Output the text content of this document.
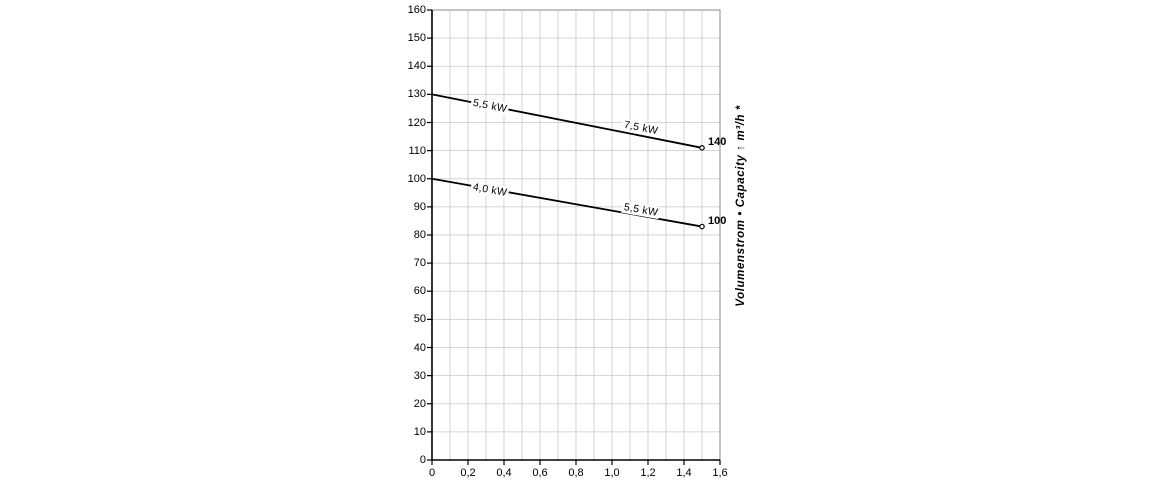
0
10
20
30
40
50
60
70
80
90
100
110
120
130
140
150
160
0 0,2 0,4 0,6 0,8 1,0 1,2 1,4 1,6
5,5 kW
7,5 kW
4,0 kW
5,5 kW
140
100 Volumenstrom • Capacity ↑ m³/h *
